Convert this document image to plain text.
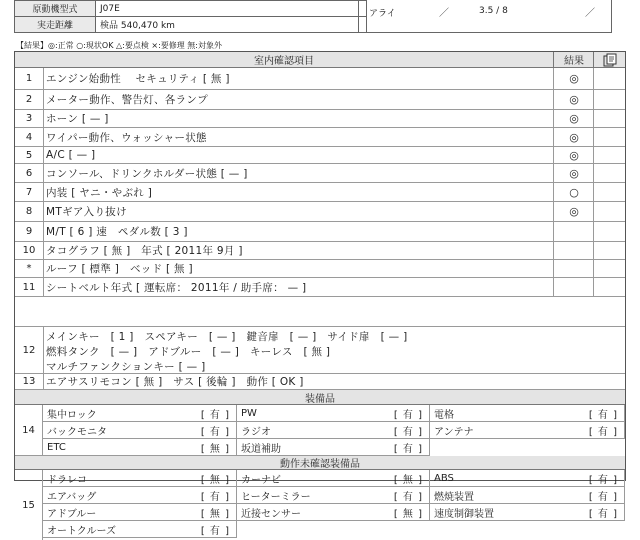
原動機型式	J07E
実走距離	検品 540,470 km
アライ	／	3.5 / 8	／
【結果】◎:正常 ○:現状OK △:要点検 ×:要修理 無:対象外
室内確認項目	結果
1	エンジン始動性　 セキュリティ [ 無 ]	◎
2	メーター動作、警告灯、各ランプ	◎
3	ホーン [ — ]	◎
4	ワイパー動作、ウォッシャー状態	◎
5	A/C [ — ]	◎
6	コンソール、ドリンクホルダー状態 [ — ]	◎
7	内装 [ ヤニ・やぶれ ]	○
8	MTギア入り抜け	◎
9	M/T [ 6 ] 速　ペダル数 [ 3 ]
10	タコグラフ [ 無 ]　年式 [ 2011年 9月 ]
*	ルーフ [ 標準 ]　ベッド [ 無 ]
11	シートベルト年式 [ 運転席： 2011年 / 助手席： — ]
12
メインキー　[ 1 ]　スペアキー　[ — ]　鍵音扉　[ — ]　サイド扉　[ — ]
燃料タンク　[ — ]　アドブルー　[ — ]　キーレス　[ 無 ]
マルチファンクションキー [ — ]
13	エアサスリモコン [ 無 ]　サス [ 後輪 ]　動作 [ OK ]
装備品
14
集中ロック	[ 有 ] PW	[ 有 ] 電格	[ 有 ]
バックモニタ	[ 有 ] ラジオ	[ 有 ] アンテナ	[ 有 ]
ETC	[ 無 ] 坂道補助	[ 有 ]
動作未確認装備品
15
ドラレコ	[ 無 ] カーナビ	[ 無 ] ABS	[ 有 ]
エアバッグ	[ 有 ] ヒーターミラー	[ 有 ] 燃焼装置	[ 有 ]
アドブルー	[ 無 ] 近接センサー	[ 無 ] 速度制御装置	[ 有 ]
オートクルーズ	[ 有 ]
